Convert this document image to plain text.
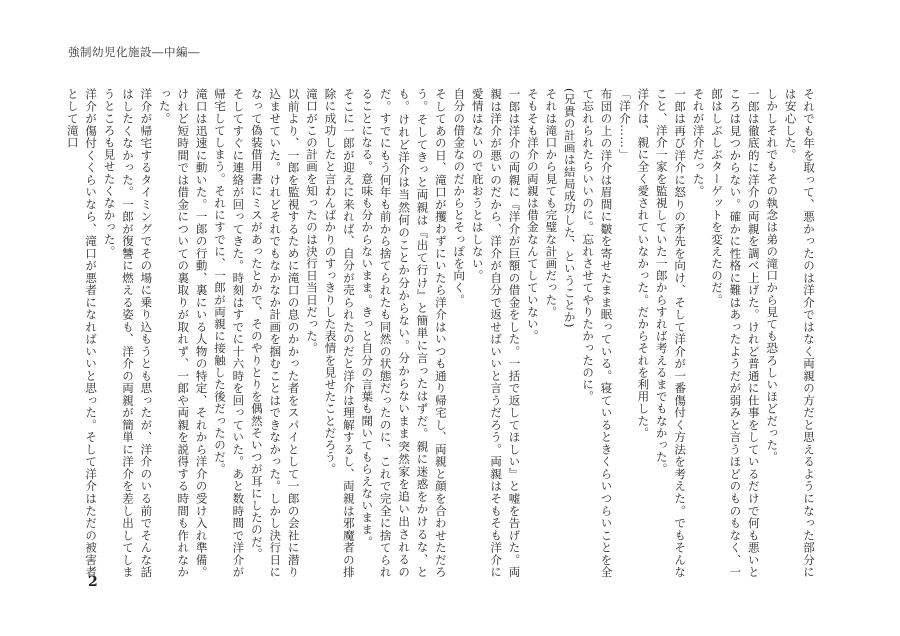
強制幼児化施設―中編―

それでも年を取って、悪かったのは洋介ではなく両親の方だと思えるようになった部分には安心した。

しかしそれでもその執念は弟の滝口から見ても恐ろしいほどだった。

一郎は徹底的に洋介の両親を調べ上げた。けれど普通に仕事をしているだけで何も悪いところは見つからない。確かに性格に難はあったようだが弱みと言うほどのものもなく、一郎はしぶしぶターゲットを変えたのだ。

それが洋介だった。

一郎は再び洋介に怒りの矛先を向け、そして洋介が一番傷付く方法を考えた。でもそんなこと、洋介一家を監視していた一郎からすれば考えるまでもなかった。

洋介は、親に全く愛されていなかった。だからそれを利用した。

「洋介……」

布団の上の洋介は眉間に皺を寄せたまま眠っている。寝ているときくらいつらいことを全て忘れられたらいいのに。忘れさせてやりたかったのに。

(兄貴の計画は結局成功した、ということか)

それは滝口から見ても完璧な計画だった。

そもそも洋介の両親は借金なんてしていない。

一郎は洋介の両親に『洋介が巨額の借金をした。一括で返してほしい』と嘘を告げた。両親は洋介が悪いのだから、洋介が自分で返せばいいと言うだろう。両親はそもそも洋介に愛情はないので庇おうとはしない。

自分の借金なのだからとそっぽを向く。

そしてあの日、滝口が攫わずにいたら洋介はいつも通り帰宅し、両親と顔を合わせただろう。そしてきっと両親は『出て行け』と簡単に言ったはずだ。親に迷惑をかけるな、とも。けれど洋介は当然何のことか分からない。分からないまま突然家を追い出されるのだ。すでにもう何年も前から捨てられたも同然の状態だったのに、これで完全に捨てられることになる。意味も分からないまま。きっと自分の言葉も聞いてもらえないまま。

そこに一郎が迎えに来れば、自分が売られたのだと洋介は理解するし、両親は邪魔者の排除に成功したと言わんばかりのすっきりした表情を見せたことだろう。

滝口がこの計画を知ったのは決行日当日だった。

以前より、一郎を監視するために滝口の息のかかった者をスパイとして一郎の会社に潜り込ませていた。けれどそれでもなかなか計画を掴むことはできなかった。しかし決行日になって偽装借用書にミスがあったとかで、そのやりとりを偶然そいつが耳にしたのだ。

そしてすぐに連絡が回ってきた。時刻はすでに十六時を回っていた。あと数時間で洋介が帰宅してしまう。それにすでに、一郎が両親に接触した後だったのだ。

滝口は迅速に動いた。一郎の行動、裏にいる人物の特定、それから洋介の受け入れ準備。けれど短時間では借金についての裏取りが取れず、一郎や両親を説得する時間も作れなかった。

洋介が帰宅するタイミングでその場に乗り込もうとも思ったが、洋介のいる前でそんな話はしたくなかった。一郎が復讐に燃える姿も、洋介の両親が簡単に洋介を差し出してしまうところも見せたくなかった。

洋介が傷付くくらいなら、滝口が悪者になればいいと思った。そして洋介はただの被害者として滝口

2
